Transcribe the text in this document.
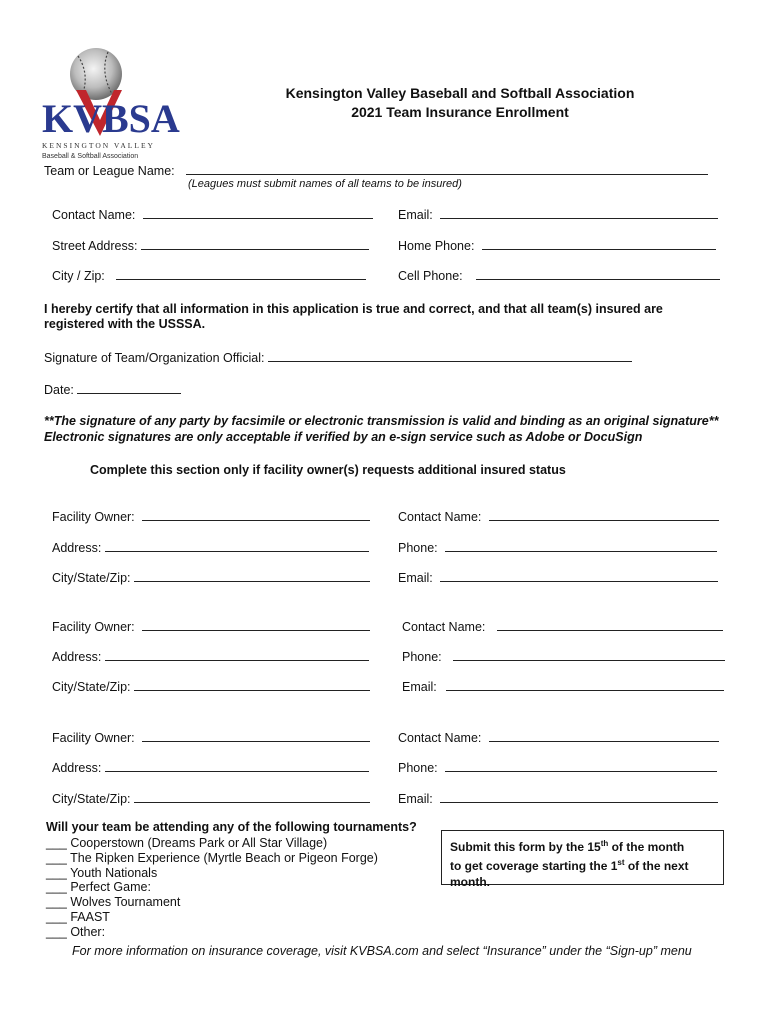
KVBSA
KENSINGTON VALLEY
Baseball & Softball Association
Kensington Valley Baseball and Softball Association
2021 Team Insurance Enrollment
Team or League Name:
(Leagues must submit names of all teams to be insured)
Contact Name:	Email:
Street Address:	Home Phone:
City / Zip:	Cell Phone:
I hereby certify that all information in this application is true and correct, and that all team(s) insured are
registered with the USSSA.
Signature of Team/Organization Official:
Date:
**The signature of any party by facsimile or electronic transmission is valid and binding as an original signature**
Electronic signatures are only acceptable if verified by an e-sign service such as Adobe or DocuSign
Complete this section only if facility owner(s) requests additional insured status
Facility Owner:	Contact Name:
Address:	Phone:
City/State/Zip:	Email:
Facility Owner:	Contact Name:
Address:	Phone:
City/State/Zip:	Email:
Facility Owner:	Contact Name:
Address:	Phone:
City/State/Zip:	Email:
Will your team be attending any of the following tournaments?
___ Cooperstown (Dreams Park or All Star Village)
___ The Ripken Experience (Myrtle Beach or Pigeon Forge)
___ Youth Nationals
___ Perfect Game:
___ Wolves Tournament
___ FAAST
___ Other:
Submit this form by the 15th of the month
to get coverage starting the 1st of the next
month.
For more information on insurance coverage, visit KVBSA.com and select “Insurance” under the “Sign-up” menu
